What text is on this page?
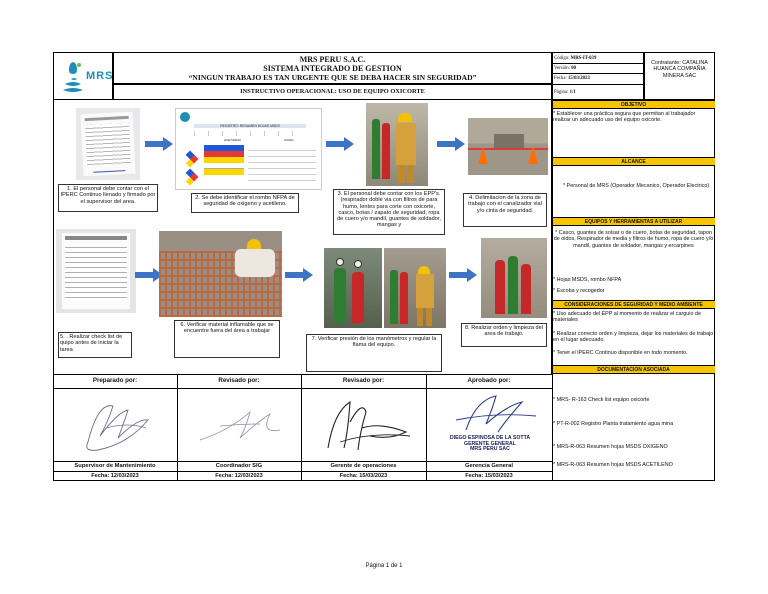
MRS
MRS PERU S.A.C.
SISTEMA INTEGRADO DE GESTION
“NINGUN TRABAJO ES TAN URGENTE QUE SE DEBA HACER SIN SEGURIDAD”
INSTRUCTIVO OPERACIONAL: USO DE EQUIPO OXICORTE
Código: MRS-IT-039
Versión: 00
Fecha: 15/03/2023
Página: 1/1
Contratante: CATALINA HUANCA COMPAÑIA MINERA SAC
1. El personal debe contar con el IPERC Continuo llenado y firmado por el supervisor del area.
REGISTRO: RESUMEN HOJAS MSDS
ACETILENO	CIANO
2. Se debe identificar el rombo NFPA de seguridad de oxigeno y acetileno.
3. El personal debe contar con los EPP's. (respirador doble via con filtros de para humo, lentes para corte con oxicorte, casco, botas / zapato de seguridad, ropa de cuero y/o mandil, guantes de soldador, mangas y
4. Delimitacion de la zona de trabajo con el canalizador vial y/o cinta de seguridad.
5. . Realizar check list de quipo antes de iniciar la tarea
6. Verificar material inflamable que se encuentre fuera del área a trabajar
7. Verificar presión de los manómetros y regular la flama del equipo.
8. Realizar orden y limpieza del area de trabajo.
OBJETIVO
* Establecer una práctica segura que permitan al trabajador realizar un adecuado uso del equipo oxicorte.
ALCANCE
* Personal de MRS (Operador Mecanico, Operador Electrico)
EQUIPOS Y HERRAMIENTAS A UTILIZAR
* Casco, guantes de solsar o de cuero, botas de seguridad, tapon de oidos, Respirador de media y filtros de humo, ropa de cuero y/o mandil, guantes de soldador, mangas y ercarpines
* Hojas MSDS, rombo NFPA
* Escoba y recogedor
CONSIDERACIONES DE SEGURIDAD Y MEDIO AMBIENTE
* Uso adecuado del EPP al momento de realizar el carguio de materiales
* Realizar correcto orden y limpieza, dejar los materiales de trabajo en el lugar adecuado.
* Tener el IPERC Continuo disponible en todo momento.
DOCUMENTACION ASOCIADA
* MRS- R-163 Check list equipo oxicorte
* PT-R-002 Registro Planta tratamiento agua mina
* MRS-R-063 Resumen hojas MSDS OXIGENO
* MRS-R-063 Resumen hojas MSDS ACETILENO
Preparado por:	Revisado por:	Revisado por:	Aprobado por:
DIEGO ESPINOSA DE LA SOTTA
GERENTE GENERAL
MRS PERU SAC
Supervisor de Mantenimiento	Coordinador SIG	Gerente de operaciones	Gerencia General
Fecha: 12/03/2023	Fecha: 12/03/2023	Fecha: 15/03/2023	Fecha: 15/03/2023
Página 1 de 1
